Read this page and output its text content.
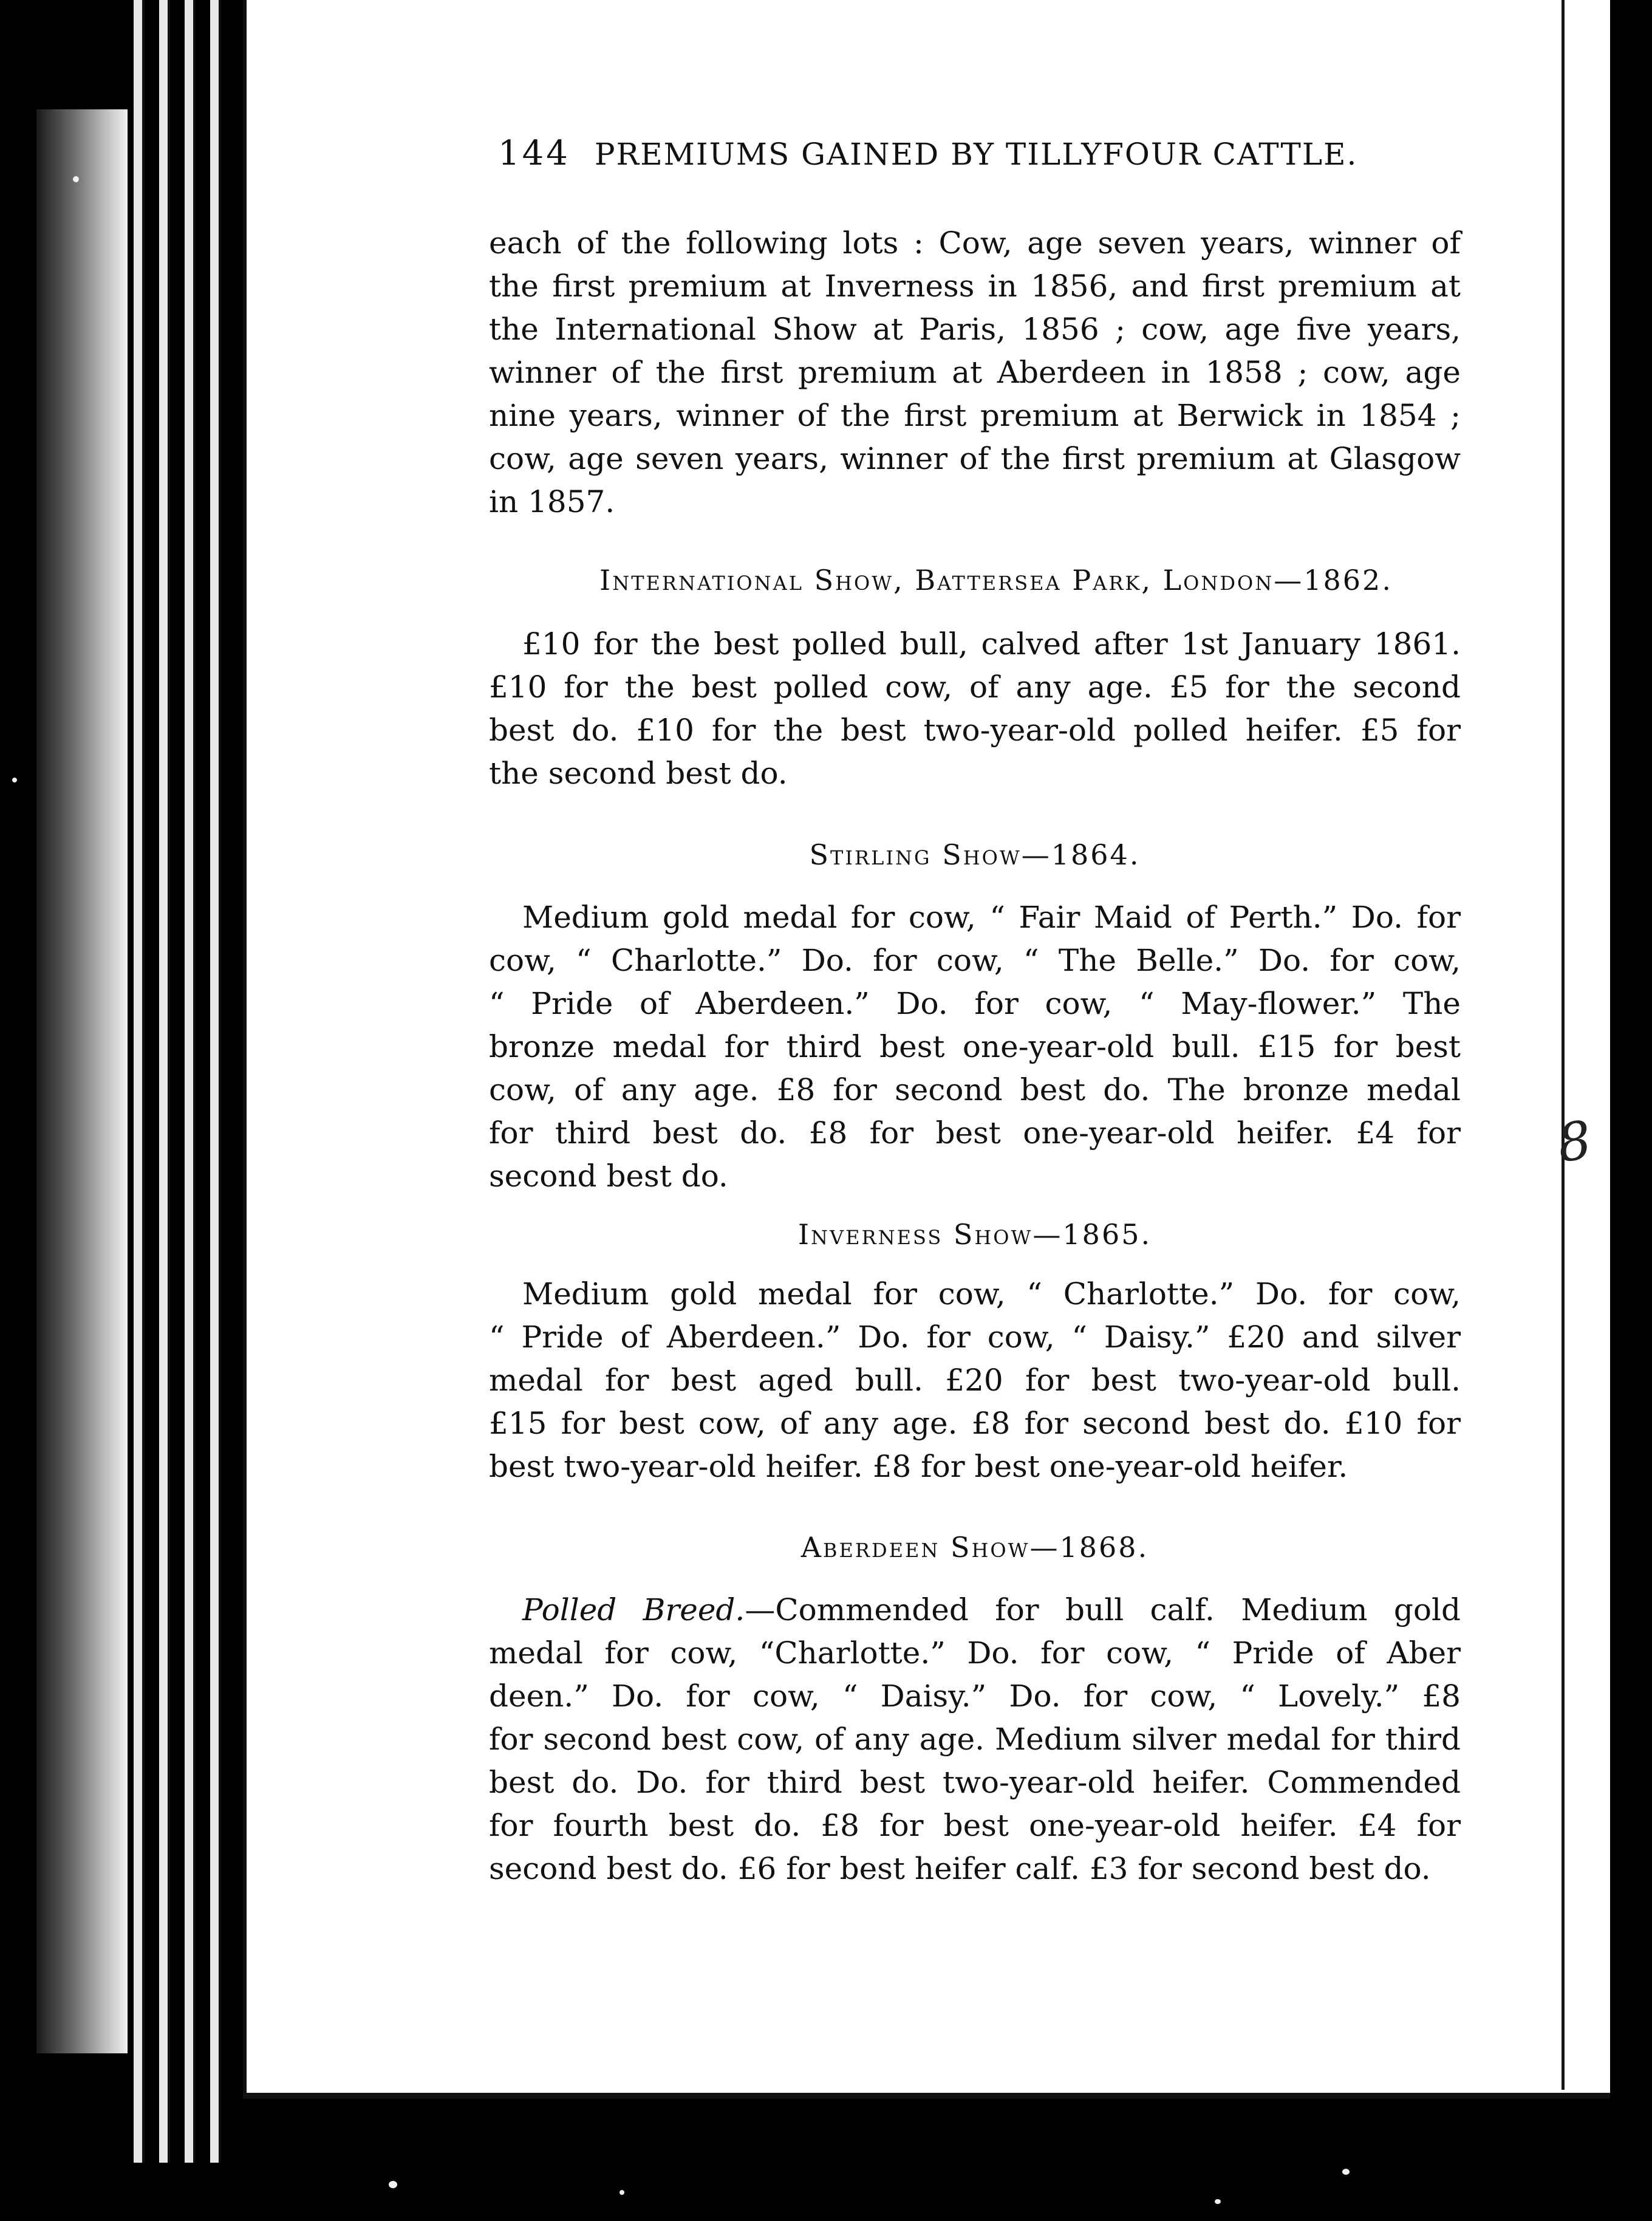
144 PREMIUMS GAINED BY TILLYFOUR CATTLE.
each of the following lots : Cow, age seven years, winner of
the first premium at Inverness in 1856, and first premium at
the International Show at Paris, 1856 ; cow, age five years,
winner of the first premium at Aberdeen in 1858 ; cow, age
nine years, winner of the first premium at Berwick in 1854 ;
cow, age seven years, winner of the first premium at Glasgow
in 1857.
International Show, Battersea Park, London—1862.
£10 for the best polled bull, calved after 1st January 1861.
£10 for the best polled cow, of any age. £5 for the second
best do. £10 for the best two-year-old polled heifer. £5 for
the second best do.
Stirling Show—1864.
Medium gold medal for cow, “ Fair Maid of Perth.” Do. for
cow, “ Charlotte.” Do. for cow, “ The Belle.” Do. for cow,
“ Pride of Aberdeen.” Do. for cow, “ May-flower.” The
bronze medal for third best one-year-old bull. £15 for best
cow, of any age. £8 for second best do. The bronze medal
for third best do. £8 for best one-year-old heifer. £4 for
second best do.
Inverness Show—1865.
Medium gold medal for cow, “ Charlotte.” Do. for cow,
“ Pride of Aberdeen.” Do. for cow, “ Daisy.” £20 and silver
medal for best aged bull. £20 for best two-year-old bull.
£15 for best cow, of any age. £8 for second best do. £10 for
best two-year-old heifer. £8 for best one-year-old heifer.
Aberdeen Show—1868.
Polled Breed.—Commended for bull calf. Medium gold
medal for cow, “Charlotte.” Do. for cow, “ Pride of Aber
deen.” Do. for cow, “ Daisy.” Do. for cow, “ Lovely.” £8
for second best cow, of any age. Medium silver medal for third
best do. Do. for third best two-year-old heifer. Commended
for fourth best do. £8 for best one-year-old heifer. £4 for
second best do. £6 for best heifer calf. £3 for second best do.
8
